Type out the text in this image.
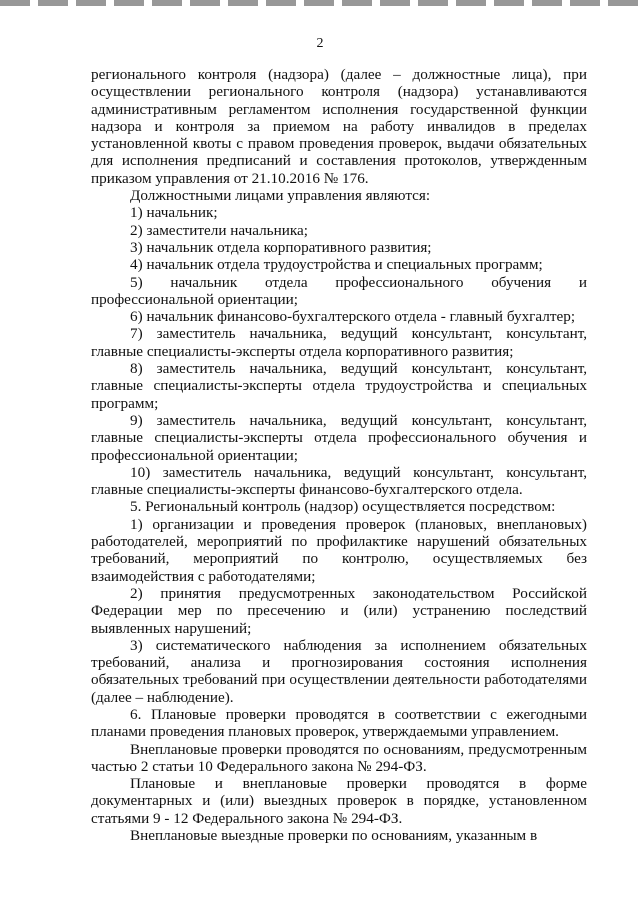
2

регионального контроля (надзора) (далее – должностные лица), при осуществлении регионального контроля (надзора) устанавливаются административным регламентом исполнения государственной функции надзора и контроля за приемом на работу инвалидов в пределах установленной квоты с правом проведения проверок, выдачи обязательных для исполнения предписаний и составления протоколов, утвержденным приказом управления от 21.10.2016 № 176.

Должностными лицами управления являются:

1) начальник;

2) заместители начальника;

3) начальник отдела корпоративного развития;

4) начальник отдела трудоустройства и специальных программ;

5) начальник отдела профессионального обучения и профессиональной ориентации;

6) начальник финансово-бухгалтерского отдела - главный бухгалтер;

7) заместитель начальника, ведущий консультант, консультант, главные специалисты-эксперты отдела корпоративного развития;

8) заместитель начальника, ведущий консультант, консультант, главные специалисты-эксперты отдела трудоустройства и специальных программ;

9) заместитель начальника, ведущий консультант, консультант, главные специалисты-эксперты отдела профессионального обучения и профессиональной ориентации;

10) заместитель начальника, ведущий консультант, консультант, главные специалисты-эксперты финансово-бухгалтерского отдела.

5. Региональный контроль (надзор) осуществляется посредством:

1) организации и проведения проверок (плановых, внеплановых) работодателей, мероприятий по профилактике нарушений обязательных требований, мероприятий по контролю, осуществляемых без взаимодействия с работодателями;

2) принятия предусмотренных законодательством Российской Федерации мер по пресечению и (или) устранению последствий выявленных нарушений;

3) систематического наблюдения за исполнением обязательных требований, анализа и прогнозирования состояния исполнения обязательных требований при осуществлении деятельности работодателями (далее – наблюдение).

6. Плановые проверки проводятся в соответствии с ежегодными планами проведения плановых проверок, утверждаемыми управлением.

Внеплановые проверки проводятся по основаниям, предусмотренным частью 2 статьи 10 Федерального закона № 294-ФЗ.

Плановые и внеплановые проверки проводятся в форме документарных и (или) выездных проверок в порядке, установленном статьями 9 - 12 Федерального закона № 294-ФЗ.

Внеплановые выездные проверки по основаниям, указанным в
